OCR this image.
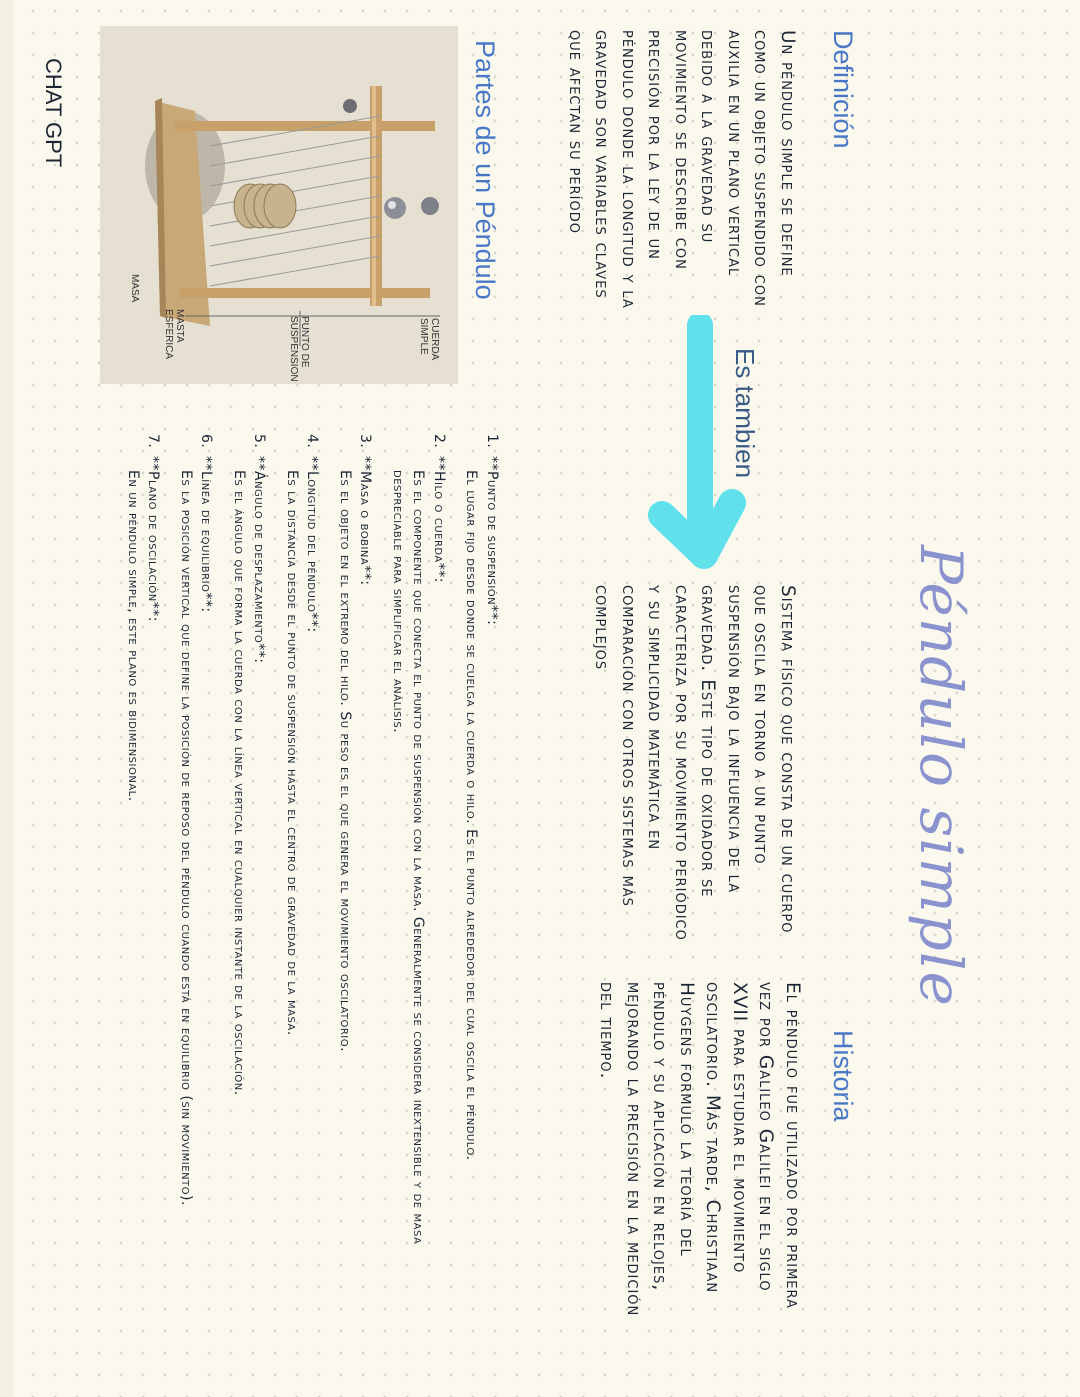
Péndulo simple
Definición
Un péndulo simple se define como un objeto suspendido con auxilia en un plano vertical debido a la gravedad su movimiento se describe con precisión por la ley de un péndulo donde la longitud y la gravedad son variables claves que afectan su período
Historia
El péndulo fue utilizado por primera vez por Galileo Galilei en el siglo XVII para estudiar el movimiento oscilatorio. Más tarde, Christiaan Huygens formuló la teoría del péndulo y su aplicación en relojes, mejorando la precisión en la medición del tiempo.
Es tambien
Sistema físico que consta de un cuerpo que oscila en torno a un punto suspensión bajo la influencia de la gravedad. Este tipo de oxidador se caracteriza por su movimiento periódico y su simplicidad matemática en comparación con otros sistemas más complejos
Partes de un Péndulo
CUERDA SIMPLE
PUNTO DE SUSPENSION
MASTA ESFERICA
MASA
1.
**Punto de suspensión**:
El lugar fijo desde donde se cuelga la cuerda o hilo. Es el punto alrededor del cual oscila el péndulo.
2.
**Hilo o cuerda**:
Es el componente que conecta el punto de suspensión con la masa. Generalmente se considera inextensible y de masa despreciable para simplificar el análisis.
3.
**Masa o bobina**:
Es el objeto en el extremo del hilo. Su peso es el que genera el movimiento oscilatorio.
4.
**Longitud del péndulo**:
Es la distancia desde el punto de suspensión hasta el centro de gravedad de la masa.
5.
**Ángulo de desplazamiento**:
Es el ángulo que forma la cuerda con la línea vertical en cualquier instante de la oscilación.
6.
**Línea de equilibrio**:
Es la posición vertical que define la posición de reposo del péndulo cuando está en equilibrio (sin movimiento).
7.
**Plano de oscilación**:
En un péndulo simple, este plano es bidimensional.
CHAT GPT
